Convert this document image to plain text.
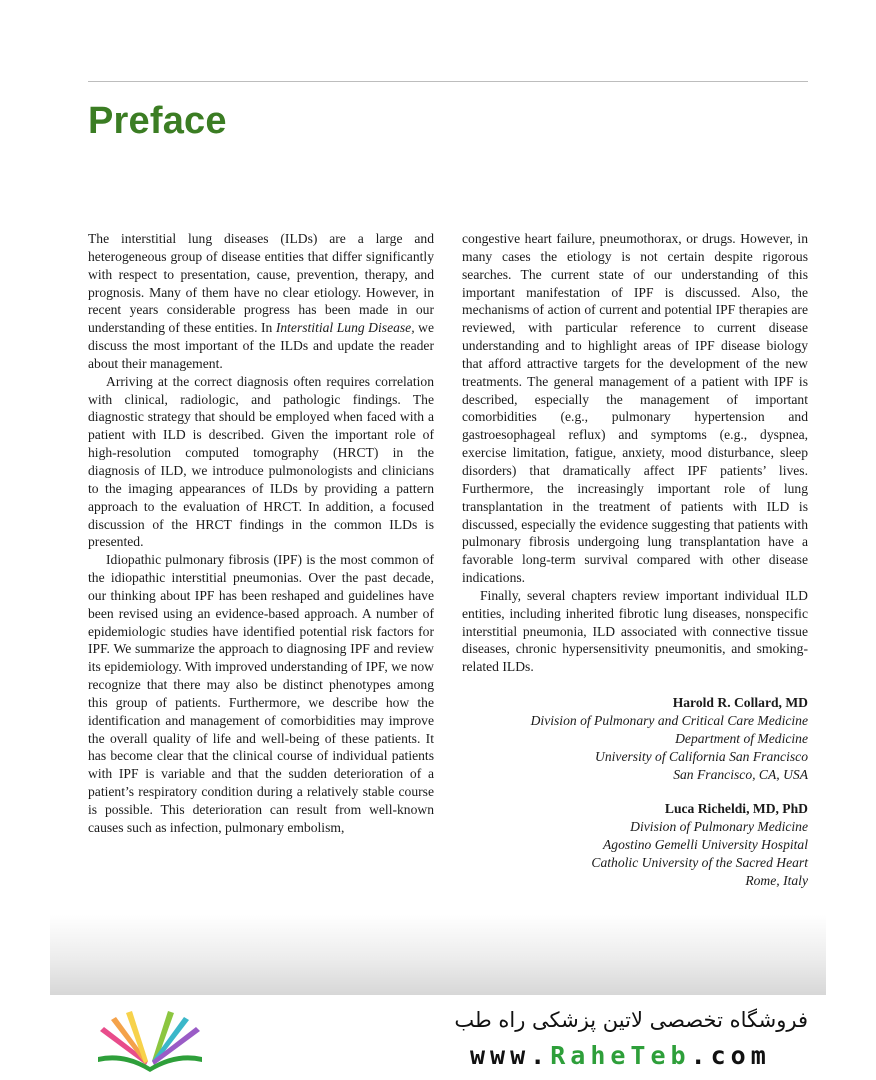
Preface

The interstitial lung diseases (ILDs) are a large and heterogeneous group of disease entities that differ significantly with respect to presentation, cause, prevention, therapy, and prognosis. Many of them have no clear etiology. However, in recent years considerable progress has been made in our understanding of these entities. In Interstitial Lung Disease, we discuss the most important of the ILDs and update the reader about their management.

Arriving at the correct diagnosis often requires correlation with clinical, radiologic, and pathologic findings. The diagnostic strategy that should be employed when faced with a patient with ILD is described. Given the important role of high-resolution computed tomography (HRCT) in the diagnosis of ILD, we introduce pulmonologists and clinicians to the imaging appearances of ILDs by providing a pattern approach to the evaluation of HRCT. In addition, a focused discussion of the HRCT findings in the common ILDs is presented.

Idiopathic pulmonary fibrosis (IPF) is the most common of the idiopathic interstitial pneumonias. Over the past decade, our thinking about IPF has been reshaped and guidelines have been revised using an evidence-based approach. A number of epidemiologic studies have identified potential risk factors for IPF. We summarize the approach to diagnosing IPF and review its epidemiology. With improved understanding of IPF, we now recognize that there may also be distinct phenotypes among this group of patients. Furthermore, we describe how the identification and management of comorbidities may improve the overall quality of life and well-being of these patients. It has become clear that the clinical course of individual patients with IPF is variable and that the sudden deterioration of a patient’s respiratory condition during a relatively stable course is possible. This deterioration can result from well-known causes such as infection, pulmonary embolism,

congestive heart failure, pneumothorax, or drugs. However, in many cases the etiology is not certain despite rigorous searches. The current state of our understanding of this important manifestation of IPF is discussed. Also, the mechanisms of action of current and potential IPF therapies are reviewed, with particular reference to current disease understanding and to highlight areas of IPF disease biology that afford attractive targets for the development of the new treatments. The general management of a patient with IPF is described, especially the management of important comorbidities (e.g., pulmonary hypertension and gastroesophageal reflux) and symptoms (e.g., dyspnea, exercise limitation, fatigue, anxiety, mood disturbance, sleep disorders) that dramatically affect IPF patients’ lives. Furthermore, the increasingly important role of lung transplantation in the treatment of patients with ILD is discussed, especially the evidence suggesting that patients with pulmonary fibrosis undergoing lung transplantation have a favorable long-term survival compared with other disease indications.

Finally, several chapters review important individual ILD entities, including inherited fibrotic lung diseases, nonspecific interstitial pneumonia, ILD associated with connective tissue diseases, chronic hypersensitivity pneumonitis, and smoking-related ILDs.

Harold R. Collard, MD
Division of Pulmonary and Critical Care Medicine
Department of Medicine
University of California San Francisco
San Francisco, CA, USA
Luca Richeldi, MD, PhD
Division of Pulmonary Medicine
Agostino Gemelli University Hospital
Catholic University of the Sacred Heart
Rome, Italy
فروشگاه تخصصی لاتین پزشکی راه طب
www.RaheTeb.com
